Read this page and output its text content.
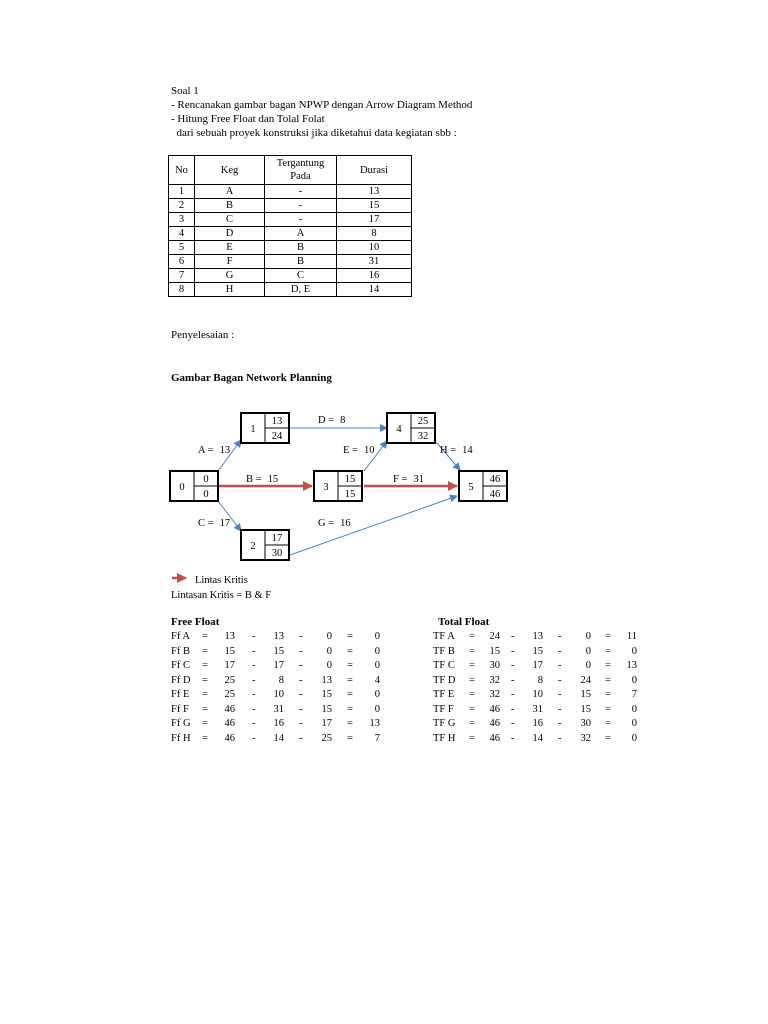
Soal 1
- Rencanakan gambar bagan NPWP dengan Arrow Diagram Method
- Hitung Free Float dan Tolal Folat
dari sebuah proyek konstruksi jika diketahui data kegiatan sbb :
No	Keg	Tergantung Pada	Durasi
1	A	-	13
2	B	-	15
3	C	-	17
4	D	A	8
5	E	B	10
6	F	B	31
7	G	C	16
8	H	D, E	14
Penyelesaian :
Gambar Bagan Network Planning
A = 13
B = 15
C = 17
D = 8
E = 10
F = 31
G = 16
H = 14
0
0
0
1
13
24
2
17
30
3
15
15
4
25
32
5
46
46
Lintas Kritis
Lintasan Kritis = B & F
Free Float	Total Float
Ff A =	13 -	13 -	0 =	0
Ff B =	15 -	15 -	0 =	0
Ff C =	17 -	17 -	0 =	0
Ff D =	25 -	8 -	13 =	4
Ff E =	25 -	10 -	15 =	0
Ff F =	46 -	31 -	15 =	0
Ff G =	46 -	16 -	17 =	13
Ff H =	46 -	14 -	25 =	7
TF A =	24 -	13 -	0 =	11
TF B =	15 -	15 -	0 =	0
TF C =	30 -	17 -	0 =	13
TF D =	32 -	8 -	24 =	0
TF E =	32 -	10 -	15 =	7
TF F =	46 -	31 -	15 =	0
TF G =	46 -	16 -	30 =	0
TF H =	46 -	14 -	32 =	0
